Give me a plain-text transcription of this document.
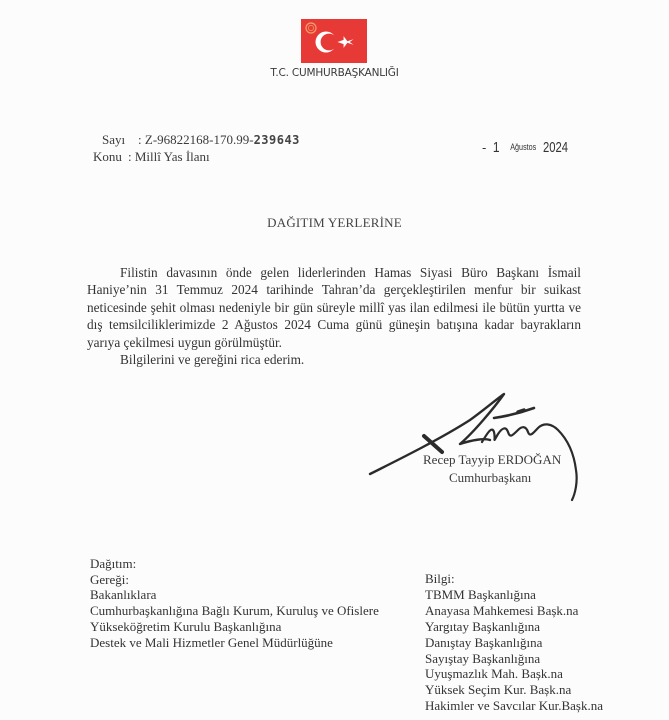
T.C. CUMHURBAŞKANLIĞI
Sayı : Z-96822168-170.99-239643
Konu : Millî Yas İlanı
- 1 Ağustos 2024
DAĞITIM YERLERİNE

Filistin davasının önde gelen liderlerinden Hamas Siyasi Büro Başkanı İsmail Haniye’nin 31 Temmuz 2024 tarihinde Tahran’da gerçekleştirilen menfur bir suikast neticesinde şehit olması nedeniyle bir gün süreyle millî yas ilan edilmesi ile bütün yurtta ve dış temsilciliklerimizde 2 Ağustos 2024 Cuma günü güneşin batışına kadar bayrakların yarıya çekilmesi uygun görülmüştür.

Bilgilerini ve gereğini rica ederim.

Recep Tayyip ERDOĞAN
Cumhurbaşkanı
Dağıtım:
Gereği:
Bakanlıklara
Cumhurbaşkanlığına Bağlı Kurum, Kuruluş ve Ofislere
Yükseköğretim Kurulu Başkanlığına
Destek ve Mali Hizmetler Genel Müdürlüğüne
Bilgi:
TBMM Başkanlığına
Anayasa Mahkemesi Bașk.na
Yargıtay Başkanlığına
Danıştay Başkanlığına
Sayıştay Başkanlığına
Uyuşmazlık Mah. Bașk.na
Yüksek Seçim Kur. Bașk.na
Hakimler ve Savcılar Kur.Bașk.na
